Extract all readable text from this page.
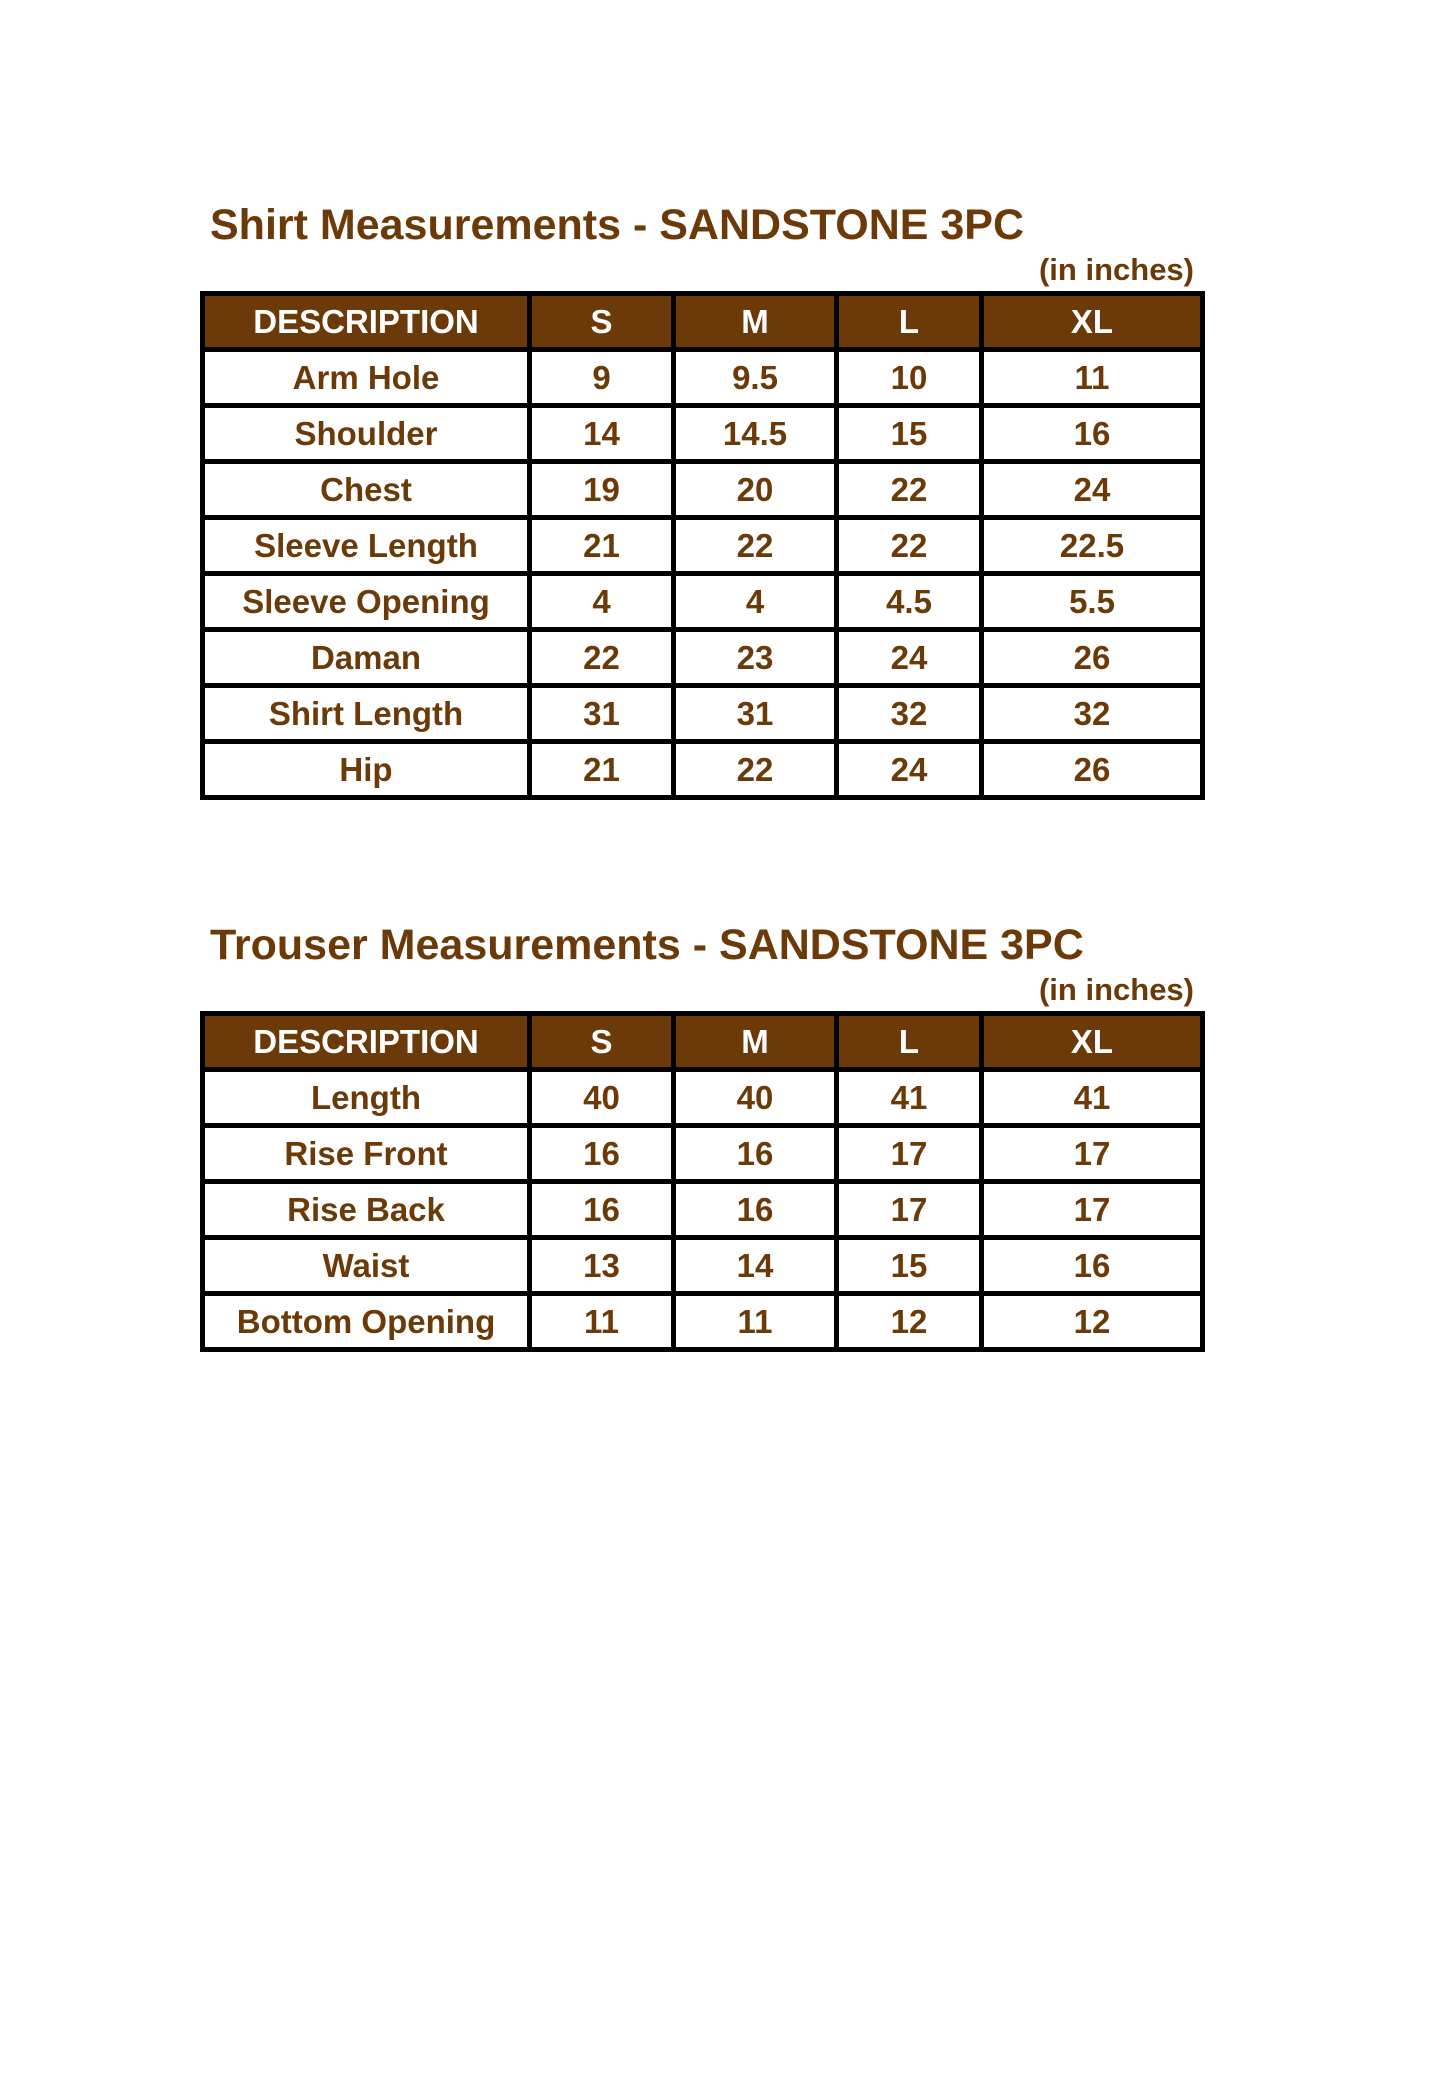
Shirt Measurements - SANDSTONE 3PC
(in inches)
DESCRIPTION	S	M	L	XL
Arm Hole	9	9.5	10	11
Shoulder	14	14.5	15	16
Chest	19	20	22	24
Sleeve Length	21	22	22	22.5
Sleeve Opening	4	4	4.5	5.5
Daman	22	23	24	26
Shirt Length	31	31	32	32
Hip	21	22	24	26
Trouser Measurements - SANDSTONE 3PC
(in inches)
DESCRIPTION	S	M	L	XL
Length	40	40	41	41
Rise Front	16	16	17	17
Rise Back	16	16	17	17
Waist	13	14	15	16
Bottom Opening	11	11	12	12
